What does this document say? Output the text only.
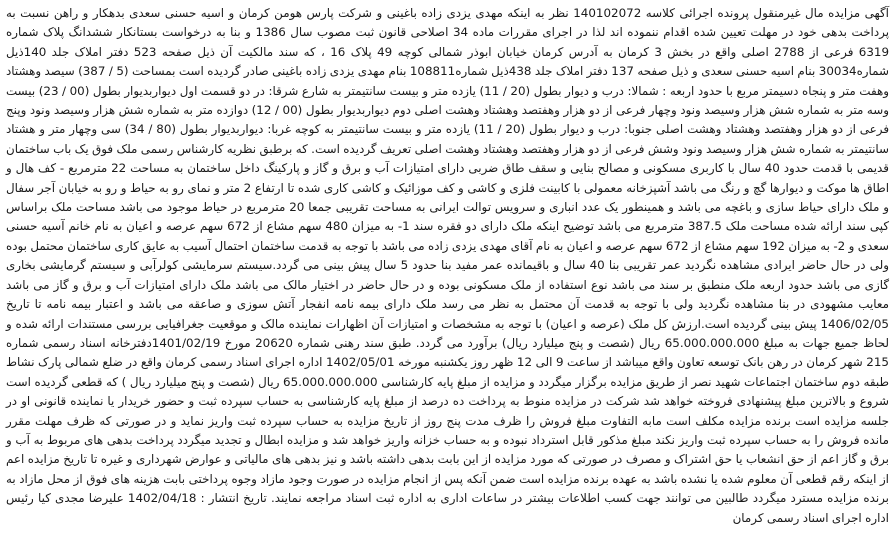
آگهی مزایده مال غیرمنقول پرونده اجرائی کلاسه 140102072 نظر به اینکه مهدی یزدی زاده باغینی و شرکت پارس هومن کرمان و اسیه حسنی سعدی بدهکار و راهن نسبت به پرداخت بدهی خود در مهلت تعیین شده اقدام ننموده اند لذا در اجرای مقررات ماده 34 اصلاحی قانون ثبت مصوب سال 1386 و بنا به درخواست بستانکار ششدانگ پلاک شماره 6319 فرعی از 2788 اصلی واقع در بخش 3 کرمان به آدرس کرمان خیابان ابوذر شمالی کوچه 49 پلاک 16 ، که سند مالکیت آن ذیل صفحه 523 دفتر املاک جلد 140ذیل شماره30034 بنام اسیه حسنی سعدی و ذیل صفحه 137 دفتر املاک جلد 438ذیل شماره108811 بنام مهدی یزدی زاده باغینی صادر گردیده است بمساحت (5 / 387) سیصد وهشتاد وهفت متر و پنجاه دسیمتر مربع با حدود اربعه : شمالا: درب و دیوار بطول (20 / 11) یازده متر و بیست سانتیمتر به شارع شرقا: در دو قسمت اول دیواربدیوار بطول (00 / 23) بیست وسه متر به شماره شش هزار وسیصد ونود وچهار فرعی از دو هزار وهفتصد وهشتاد وهشت اصلی دوم دیواربدیوار بطول (00 / 12) دوازده متر به شماره شش هزار وسیصد ونود وپنج فرعی از دو هزار وهفتصد وهشتاد وهشت اصلی جنوبا: درب و دیوار بطول (20 / 11) یازده متر و بیست سانتیمتر به کوچه غربا: دیواربدیوار بطول (80 / 34) سی وچهار متر و هشتاد سانتیمتر به شماره شش هزار وسیصد ونود وشش فرعی از دو هزار وهفتصد وهشتاد وهشت اصلی تعریف گردیده است. که برطبق نظریه کارشناس رسمی ملک فوق یک باب ساختمان قدیمی با قدمت حدود 40 سال با کاربری مسکونی و مصالح بنایی و سقف طاق ضربی دارای امتیازات آب و برق و گاز و پارکینگ داخل ساختمان به مساحت 22 مترمربع - کف هال و اطاق ها موکت و دیوارها گچ و رنگ می باشد آشپزخانه معمولی با کابینت فلزی و کاشی و کف موزائیک و کاشی کاری شده تا ارتفاع 2 متر و نمای رو به حیاط و رو به خیابان آجر سفال و ملک دارای حیاط سازی و باغچه می باشد و همینطور یک عدد انباری و سرویس توالت ایرانی به مساحت تقریبی جمعا 20 مترمربع در حیاط موجود می باشد مساحت ملک براساس کپی سند ارائه شده مساحت ملک 387.5 مترمربع می باشد توضیح اینکه ملک دارای دو فقره سند 1- به میزان 480 سهم مشاع از 672 سهم عرصه و اعیان به نام خانم آسیه حسنی سعدی و 2- به میزان 192 سهم مشاع از 672 سهم عرصه و اعیان به نام آقای مهدی یزدی زاده می باشد با توجه به قدمت ساختمان احتمال آسیب به عایق کاری ساختمان محتمل بوده ولی در حال حاضر ایرادی مشاهده نگردید عمر تقریبی بنا 40 سال و باقیمانده عمر مفید بنا حدود 5 سال پیش بینی می گردد.سیستم سرمایشی کولرآبی و سیستم گرمایشی بخاری گازی می باشد حدود اربعه ملک منطبق بر سند می باشد نوع استفاده از ملک مسکونی بوده و در حال حاضر در اختیار مالک می باشد ملک دارای امتیازات آب و برق و گاز می باشد معایب مشهودی در بنا مشاهده نگردید ولی با توجه به قدمت آن محتمل به نظر می رسد ملک دارای بیمه نامه انفجار آتش سوزی و صاعقه می باشد و اعتبار بیمه نامه تا تاریخ 1406/02/05 پیش بینی گردیده است.ارزش کل ملک (عرصه و اعیان) با توجه به مشخصات و امتیازات آن اظهارات نماینده مالک و موقعیت جغرافیایی بررسی مستندات ارائه شده و لحاظ جمیع جهات به مبلغ 65.000.000.000 ریال (شصت و پنج میلیارد ریال) برآورد می گردد. طبق سند رهنی شماره 20620 مورخ 1401/02/19دفترخانه اسناد رسمی شماره 215 شهر کرمان در رهن بانک توسعه تعاون واقع میباشد از ساعت 9 الی 12 ظهر روز یکشنبه مورخه 1402/05/01 اداره اجرای اسناد رسمی کرمان واقع در ضلع شمالی پارک نشاط طبقه دوم ساختمان اجتماعات شهید نصر از طریق مزایده برگزار میگردد و مزایده از مبلغ پایه کارشناسی 65.000.000.000 ریال (شصت و پنج میلیارد ریال ) که قطعی گردیده است شروع و بالاترین مبلغ پیشنهادی فروخته خواهد شد شرکت در مزایده منوط به پرداخت ده درصد از مبلغ پایه کارشناسی به حساب سپرده ثبت و حضور خریدار یا نماینده قانونی او در جلسه مزایده است برنده مزایده مکلف است مابه التفاوت مبلغ فروش را ظرف مدت پنج روز از تاریخ مزایده به حساب سپرده ثبت واریز نماید و در صورتی که ظرف مهلت مقرر مانده فروش را به حساب سپرده ثبت واریز نکند مبلغ مذکور قابل استرداد نبوده و به حساب خزانه واریز خواهد شد و مزایده ابطال و تجدید میگردد پرداخت بدهی های مربوط به آب و برق و گاز اعم از حق انشعاب یا حق اشتراک و مصرف در صورتی که مورد مزایده از این بابت بدهی داشته باشد و نیز بدهی های مالیاتی و عوارض شهرداری و غیره تا تاریخ مزایده اعم از اینکه رقم قطعی آن معلوم شده یا نشده باشد به عهده برنده مزایده است ضمن آنکه پس از انجام مزایده در صورت وجود مازاد وجوه پرداختی بابت هزینه های فوق از محل مازاد به برنده مزایده مسترد میگردد طالبین می توانند جهت کسب اطلاعات بیشتر در ساعات اداری به اداره ثبت اسناد مراجعه نمایند. تاریخ انتشار : 1402/04/18 علیرضا مجدی کیا رئیس اداره اجرای اسناد رسمی کرمان
